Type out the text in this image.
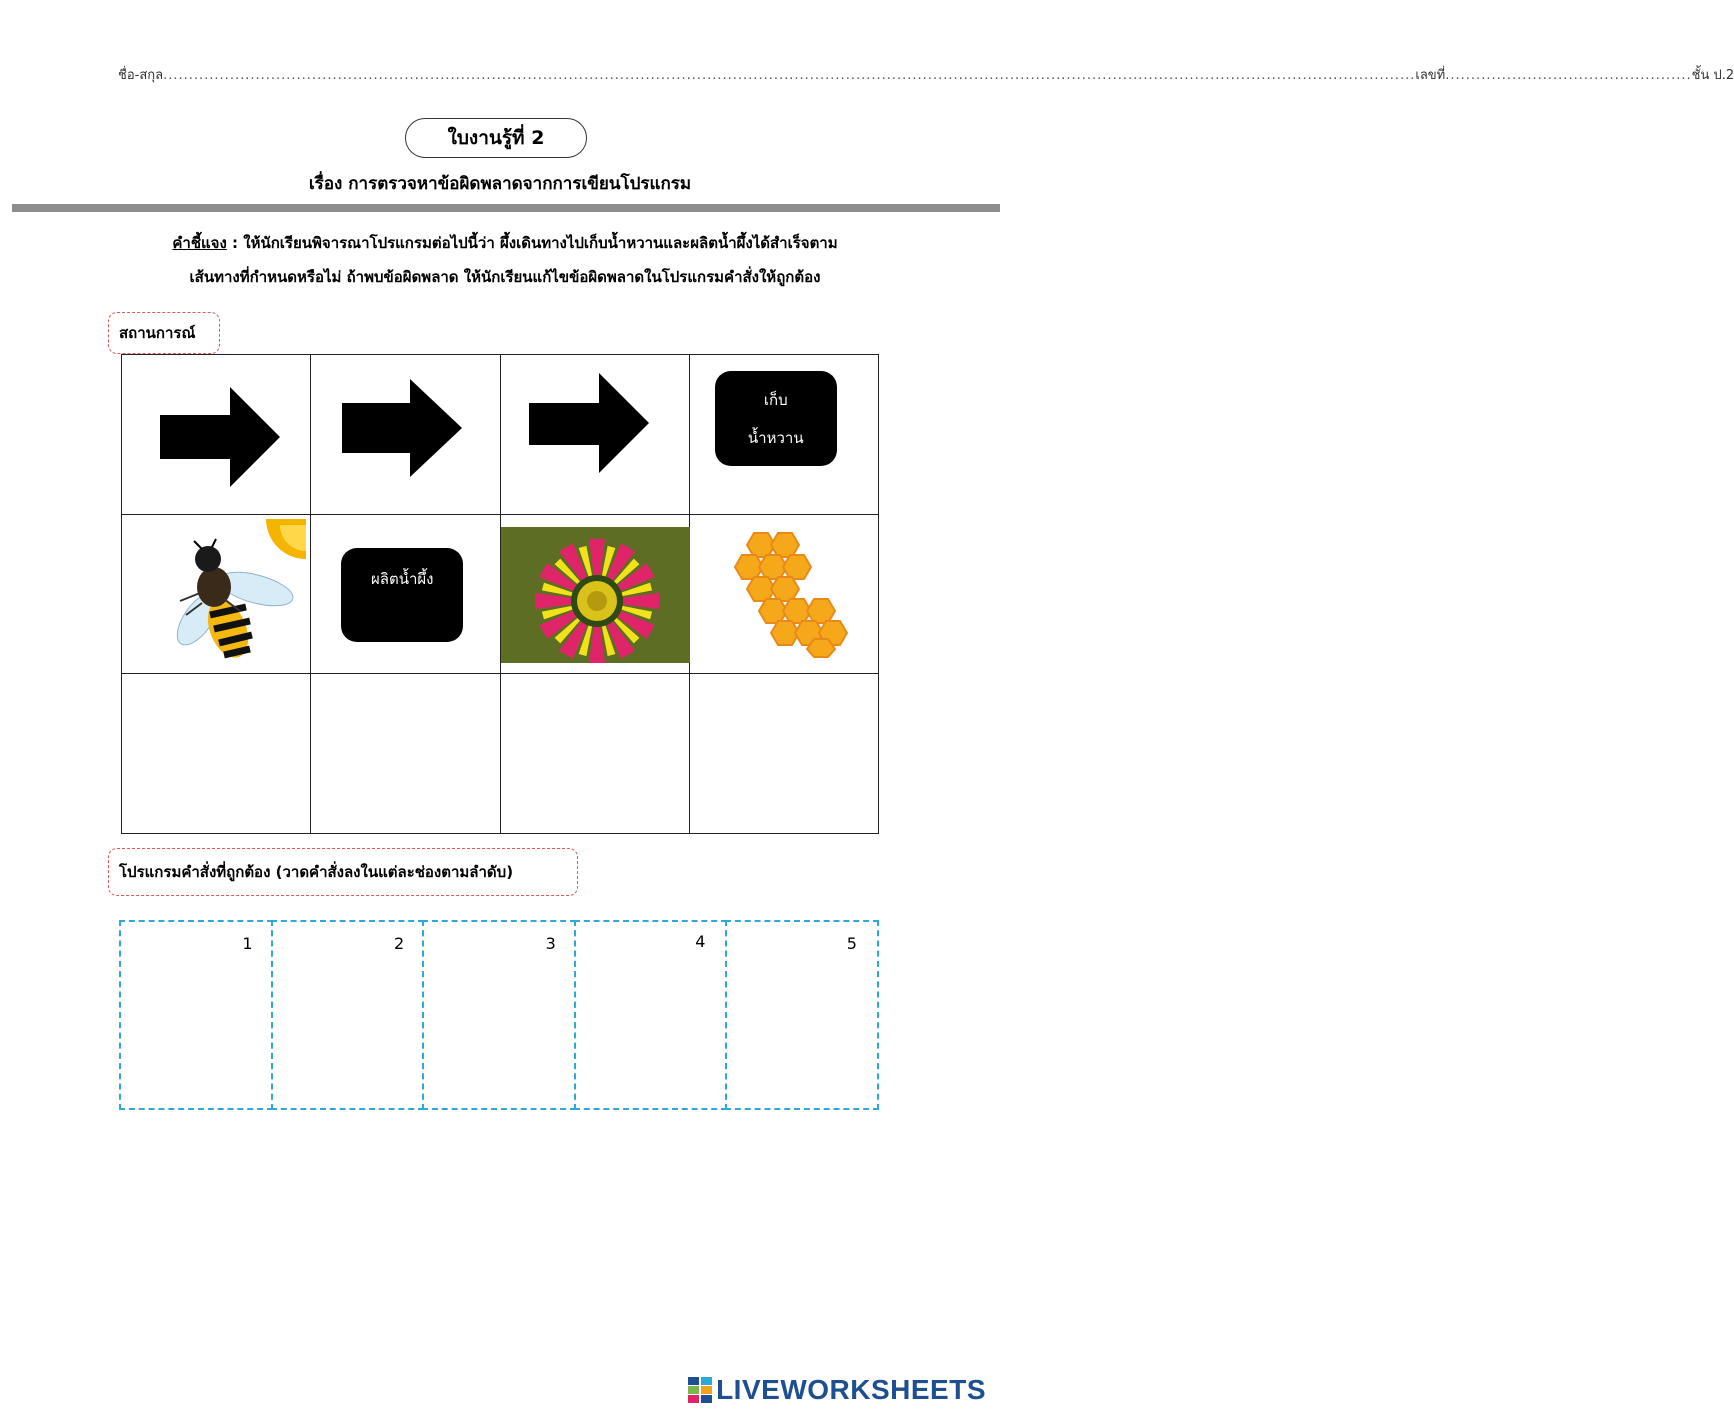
ชื่อ-สกุล .................................................................................................................................................................................................................................................... เลขที่ ................................................ ชั้น ป.2
ใบงานรู้ที่ 2
เรื่อง การตรวจหาข้อผิดพลาดจากการเขียนโปรแกรม
คำชี้แจง : ให้นักเรียนพิจารณาโปรแกรมต่อไปนี้ว่า ผึ้งเดินทางไปเก็บน้ำหวานและผลิตน้ำผึ้งได้สำเร็จตาม
เส้นทางที่กำหนดหรือไม่ ถ้าพบข้อผิดพลาด ให้นักเรียนแก้ไขข้อผิดพลาดในโปรแกรมคำสั่งให้ถูกต้อง
สถานการณ์

เก็บ
น้ำหวาน

ผลิตน้ำผึ้ง

โปรแกรมคำสั่งที่ถูกต้อง (วาดคำสั่งลงในแต่ละช่องตามลำดับ)
1	2	3	4	5
LIVEWORKSHEETS
